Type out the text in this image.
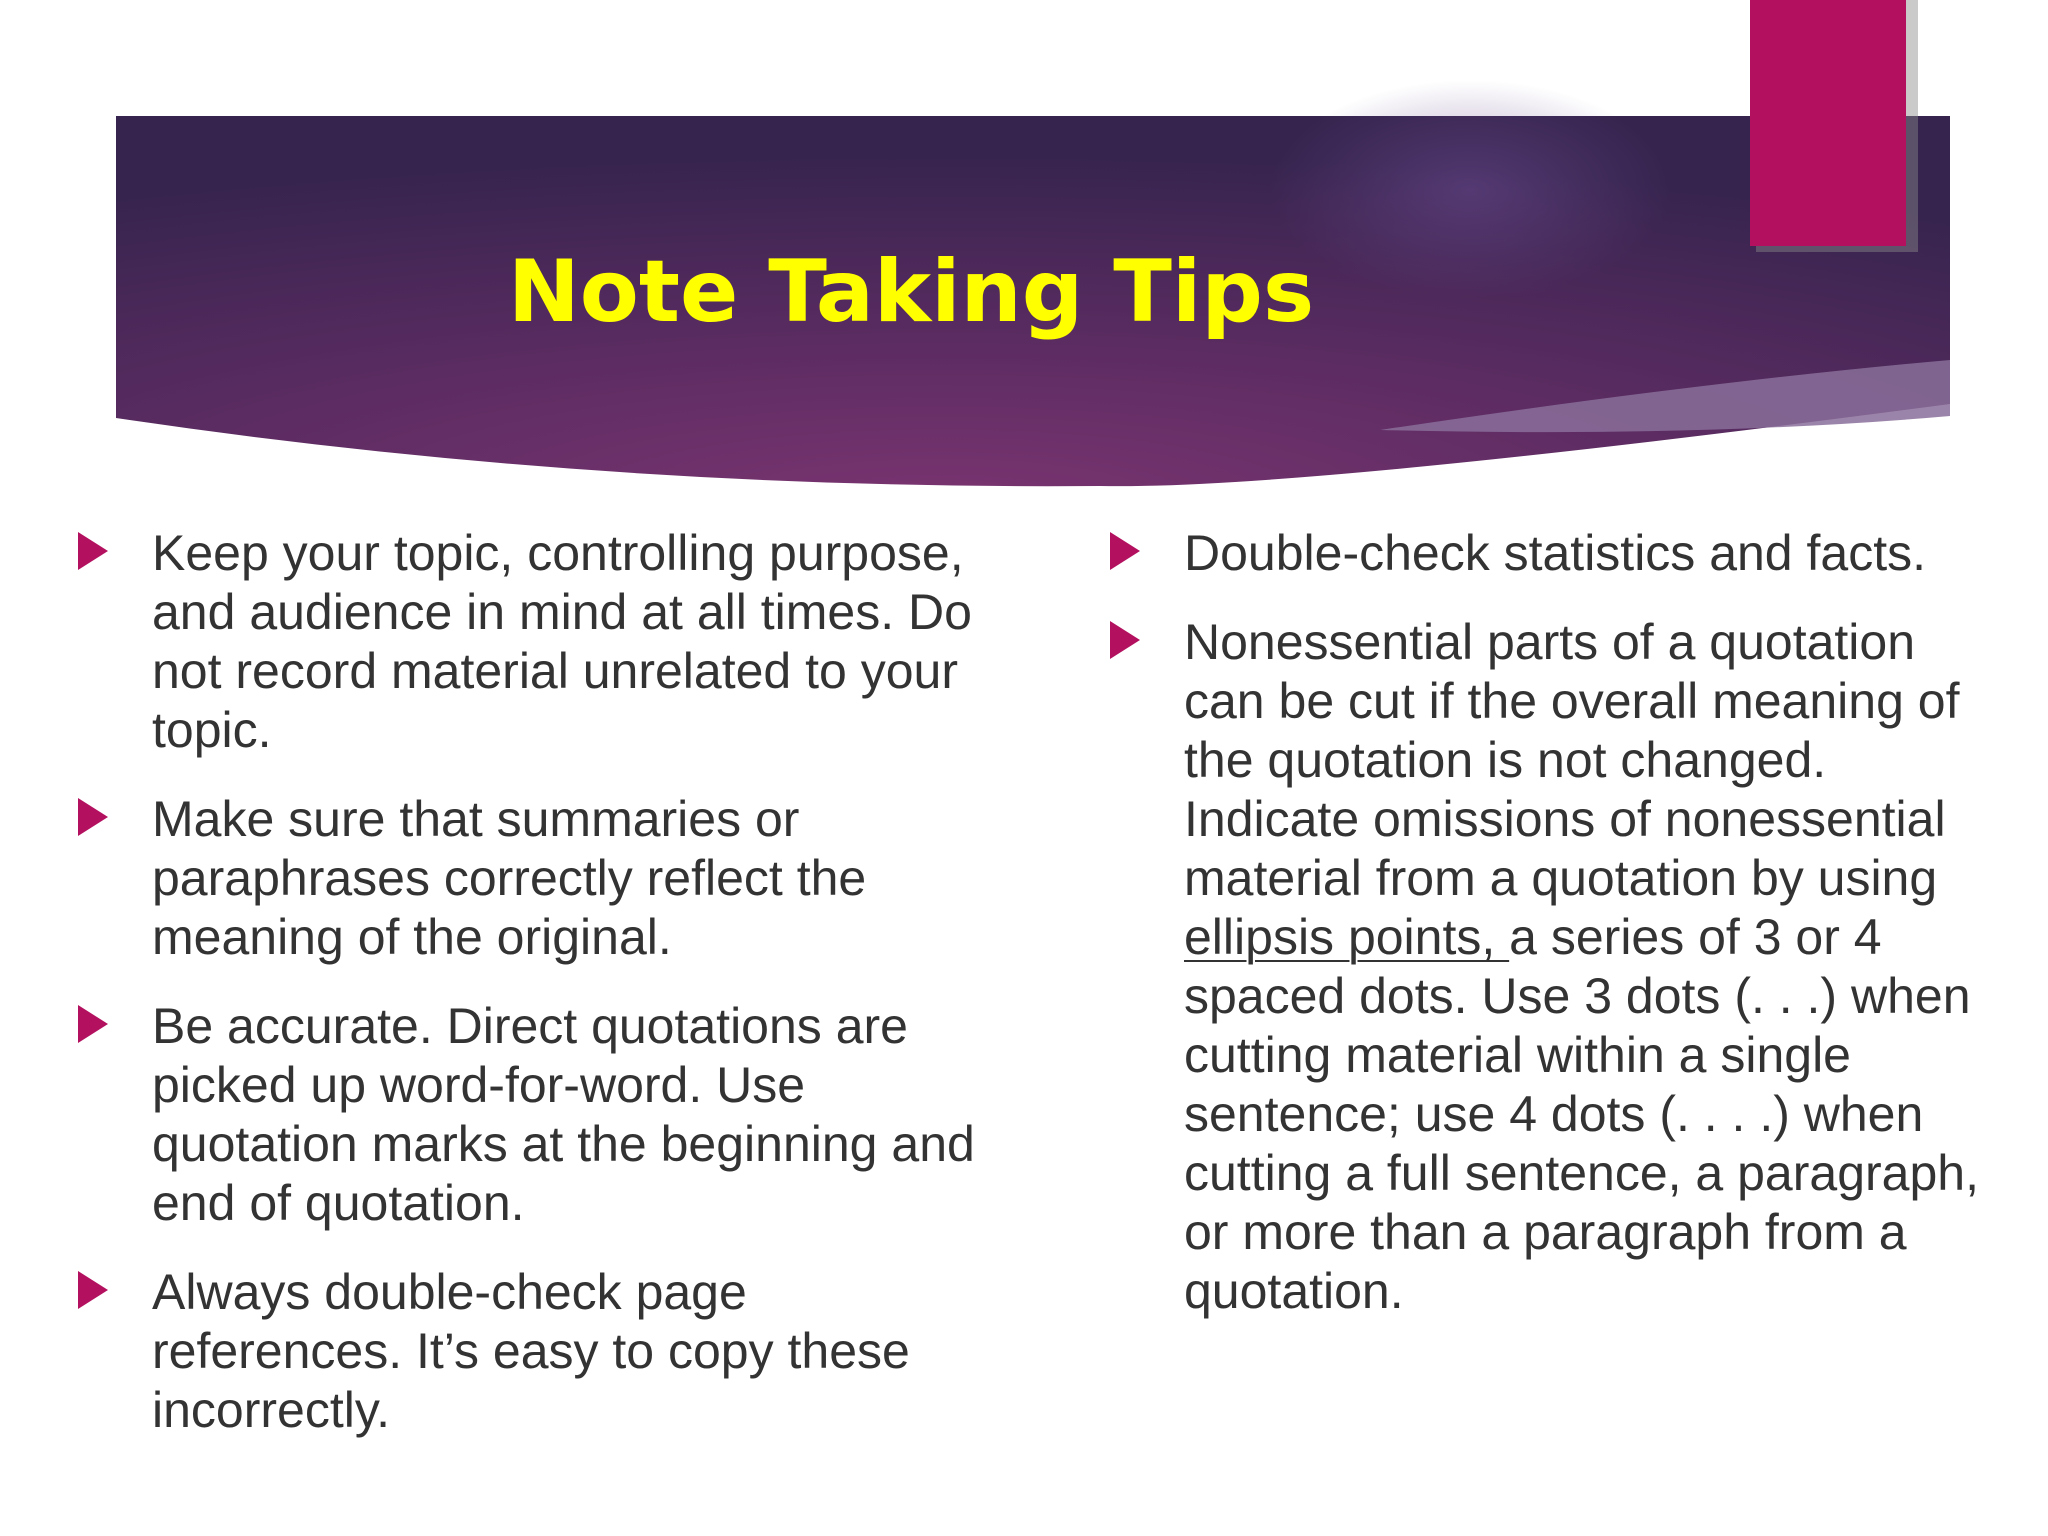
Note Taking Tips
Keep your topic, controlling purpose, and audience in mind at all times. Do not record material unrelated to your topic.
Make sure that summaries or paraphrases correctly reflect the meaning of the original.
Be accurate. Direct quotations are picked up word-for-word. Use quotation marks at the beginning and end of quotation.
Always double-check page references. It’s easy to copy these incorrectly.
Double-check statistics and facts.
Nonessential parts of a quotation can be cut if the overall meaning of the quotation is not changed. Indicate omissions of nonessential material from a quotation by using ellipsis points, a series of 3 or 4 spaced dots. Use 3 dots (. . .) when cutting material within a single sentence; use 4 dots (. . . .) when cutting a full sentence, a paragraph, or more than a paragraph from a quotation.
